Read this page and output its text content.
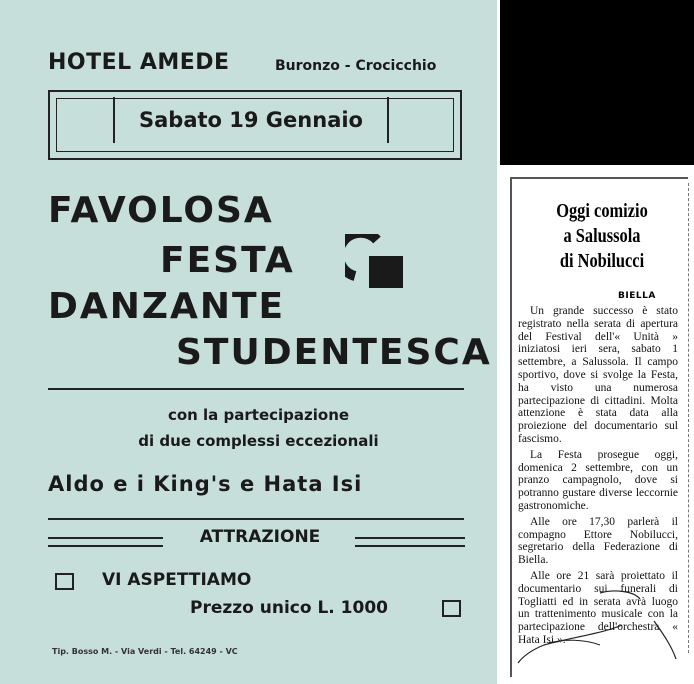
HOTEL AMEDE	Buronzo - Crocicchio
Sabato 19 Gennaio
FAVOLOSA
FESTA
DANZANTE
STUDENTESCA
con la partecipazione
di due complessi eccezionali
Aldo e i King's e Hata Isi
ATTRAZIONE
VI ASPETTIAMO
Prezzo unico L. 1000
Tip. Bosso M. - Via Verdi - Tel. 64249 - VC
Oggi comizio
a Salussola
di Nobilucci
BIELLA

Un grande successo è stato registrato nella serata di apertura del Festival dell'« Unità » iniziatosi ieri sera, sabato 1 settembre, a Salussola. Il campo sportivo, dove si svolge la Festa, ha visto una numerosa partecipazione di cittadini. Molta attenzione è stata data alla proiezione del documentario sul fascismo.

La Festa prosegue oggi, domenica 2 settembre, con un pranzo campagnolo, dove si potranno gustare diverse leccornie gastronomiche.

Alle ore 17,30 parlerà il compagno Ettore Nobilucci, segretario della Federazione di Biella.

Alle ore 21 sarà proiettato il documentario sui funerali di Togliatti ed in serata avrà luogo un trattenimento musicale con la partecipazione dell'orchestra « Hata Isi ».
